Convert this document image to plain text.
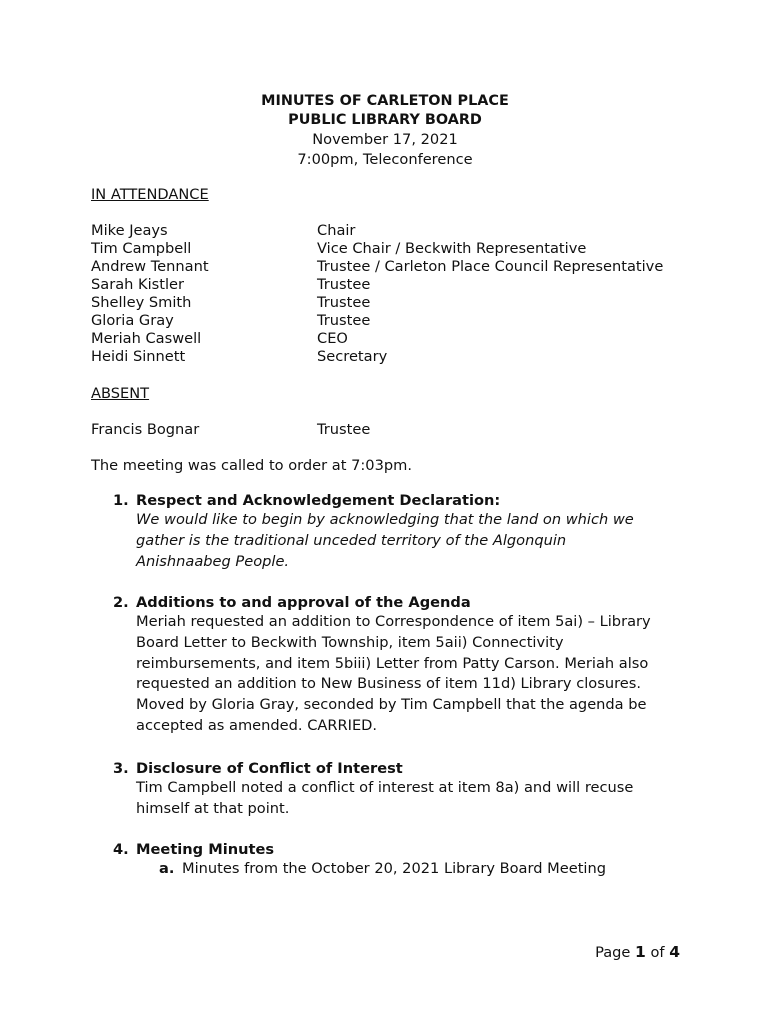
MINUTES OF CARLETON PLACE
PUBLIC LIBRARY BOARD
November 17, 2021
7:00pm, Teleconference
IN ATTENDANCE
Mike Jeays	Chair
Tim Campbell	Vice Chair / Beckwith Representative
Andrew Tennant	Trustee / Carleton Place Council Representative
Sarah Kistler	Trustee
Shelley Smith	Trustee
Gloria Gray	Trustee
Meriah Caswell	CEO
Heidi Sinnett	Secretary
ABSENT
Francis Bognar	Trustee
The meeting was called to order at 7:03pm.
1. Respect and Acknowledgement Declaration:
We would like to begin by acknowledging that the land on which we
gather is the traditional unceded territory of the Algonquin
Anishnaabeg People.
2. Additions to and approval of the Agenda
Meriah requested an addition to Correspondence of item 5ai) – Library
Board Letter to Beckwith Township, item 5aii) Connectivity
reimbursements, and item 5biii) Letter from Patty Carson. Meriah also
requested an addition to New Business of item 11d) Library closures.
Moved by Gloria Gray, seconded by Tim Campbell that the agenda be
accepted as amended. CARRIED.
3. Disclosure of Conflict of Interest
Tim Campbell noted a conflict of interest at item 8a) and will recuse
himself at that point.
4. Meeting Minutes
a. Minutes from the October 20, 2021 Library Board Meeting
Page 1 of 4
